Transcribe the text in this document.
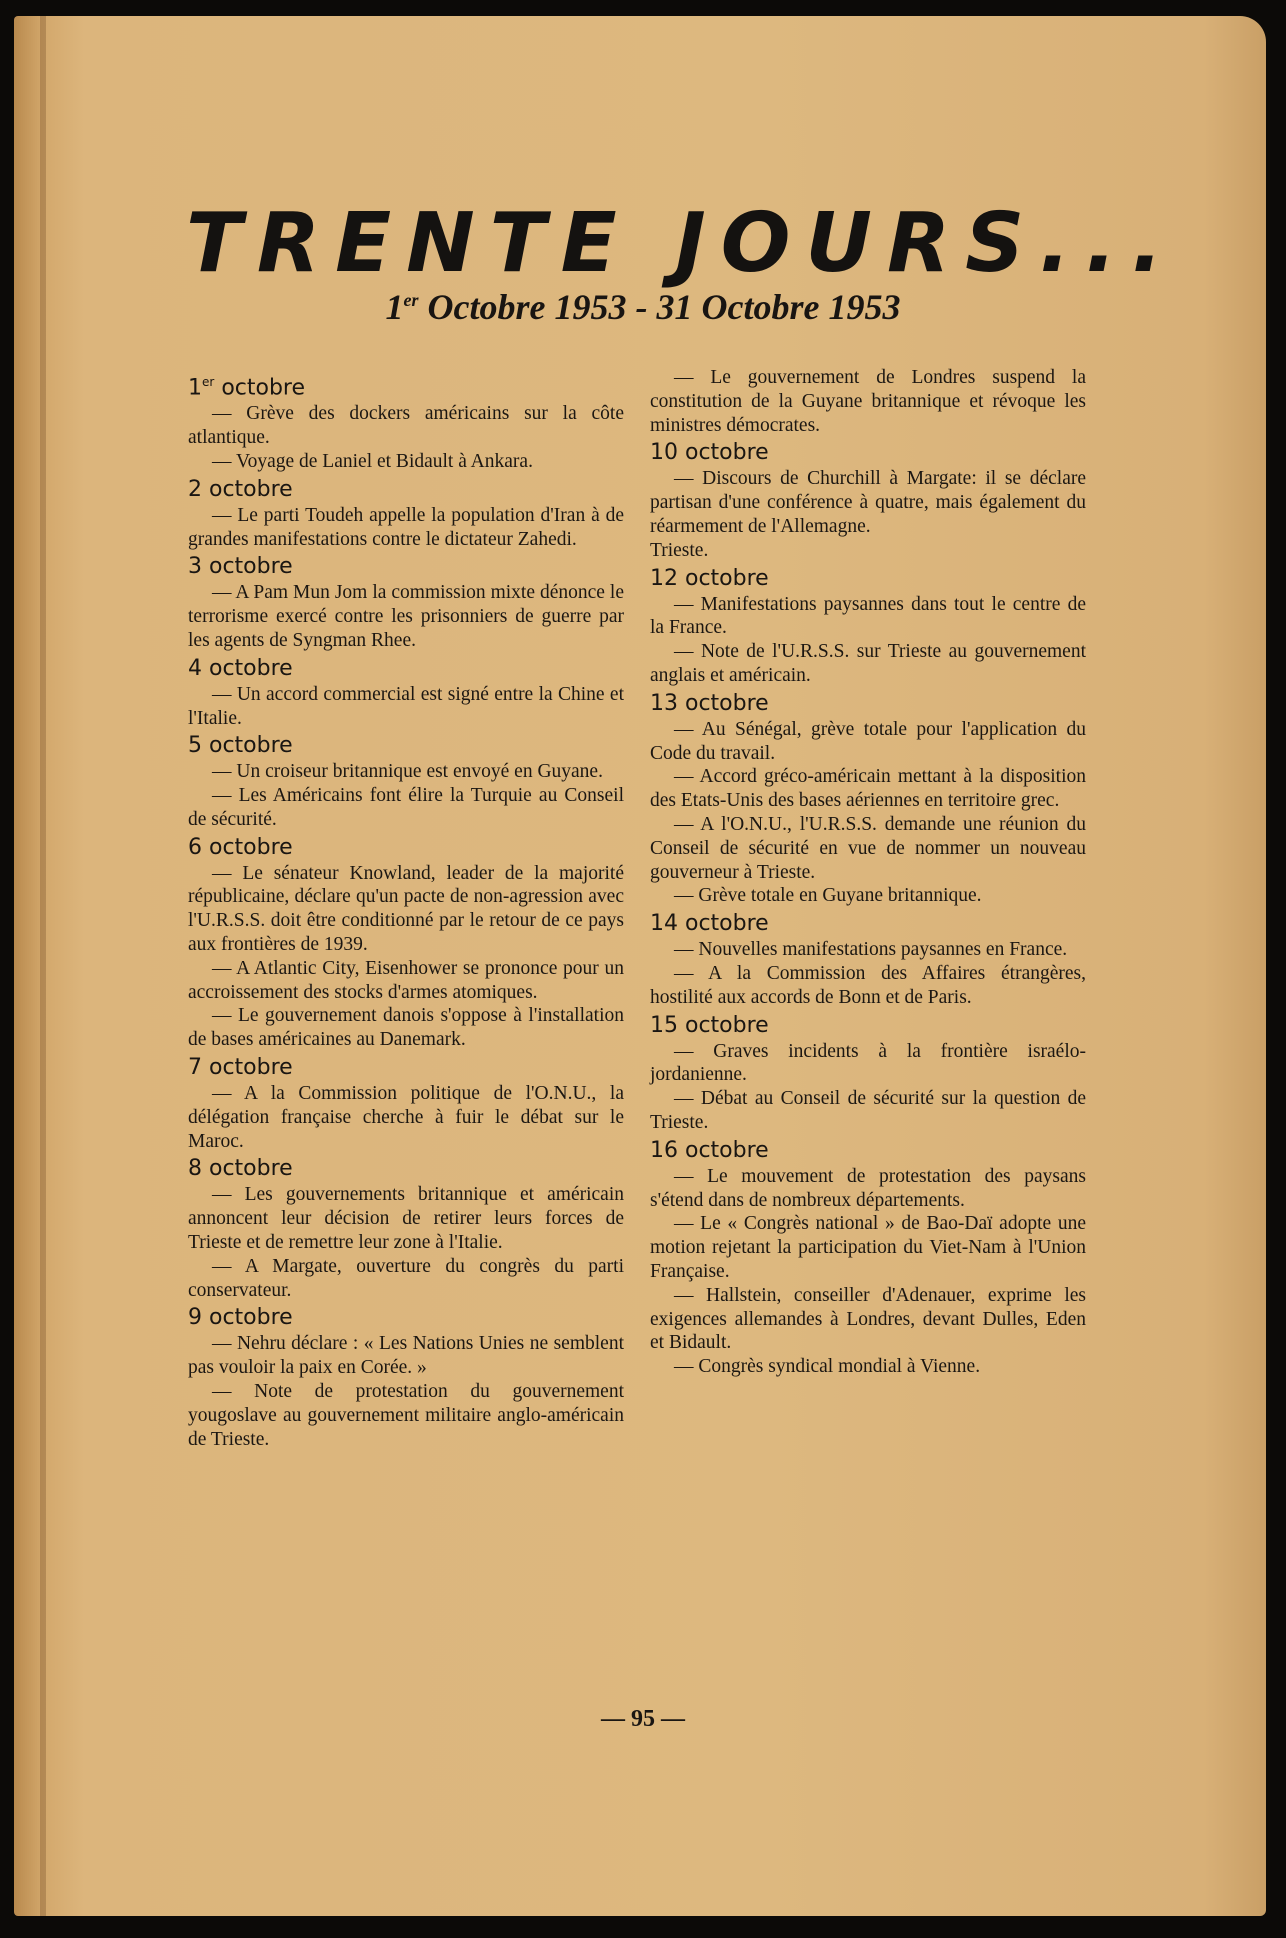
TRENTE JOURS...
1er Octobre 1953 - 31 Octobre 1953
1er octobre

— Grève des dockers américains sur la côte atlantique.

— Voyage de Laniel et Bidault à Ankara.

2 octobre

— Le parti Toudeh appelle la population d'Iran à de grandes manifestations contre le dictateur Zahedi.

3 octobre

— A Pam Mun Jom la commission mixte dénonce le terrorisme exercé contre les prisonniers de guerre par les agents de Syngman Rhee.

4 octobre

— Un accord commercial est signé entre la Chine et l'Italie.

5 octobre

— Un croiseur britannique est envoyé en Guyane.

— Les Américains font élire la Turquie au Conseil de sécurité.

6 octobre

— Le sénateur Knowland, leader de la majorité républicaine, déclare qu'un pacte de non-agression avec l'U.R.S.S. doit être conditionné par le retour de ce pays aux frontières de 1939.

— A Atlantic City, Eisenhower se prononce pour un accroissement des stocks d'armes atomiques.

— Le gouvernement danois s'oppose à l'installation de bases américaines au Danemark.

7 octobre

— A la Commission politique de l'O.N.U., la délégation française cherche à fuir le débat sur le Maroc.

8 octobre

— Les gouvernements britannique et américain annoncent leur décision de retirer leurs forces de Trieste et de remettre leur zone à l'Italie.

— A Margate, ouverture du congrès du parti conservateur.

9 octobre

— Nehru déclare : « Les Nations Unies ne semblent pas vouloir la paix en Corée. »

— Note de protestation du gouvernement yougoslave au gouvernement militaire anglo-américain de Trieste.

— Le gouvernement de Londres suspend la constitution de la Guyane britannique et révoque les ministres démocrates.

10 octobre

— Discours de Churchill à Margate: il se déclare partisan d'une conférence à quatre, mais également du réarmement de l'Allemagne.

Trieste.

12 octobre

— Manifestations paysannes dans tout le centre de la France.

— Note de l'U.R.S.S. sur Trieste au gouvernement anglais et américain.

13 octobre

— Au Sénégal, grève totale pour l'application du Code du travail.

— Accord gréco-américain mettant à la disposition des Etats-Unis des bases aériennes en territoire grec.

— A l'O.N.U., l'U.R.S.S. demande une réunion du Conseil de sécurité en vue de nommer un nouveau gouverneur à Trieste.

— Grève totale en Guyane britannique.

14 octobre

— Nouvelles manifestations paysannes en France.

— A la Commission des Affaires étrangères, hostilité aux accords de Bonn et de Paris.

15 octobre

— Graves incidents à la frontière israélo-jordanienne.

— Débat au Conseil de sécurité sur la question de Trieste.

16 octobre

— Le mouvement de protestation des paysans s'étend dans de nombreux départements.

— Le « Congrès national » de Bao-Daï adopte une motion rejetant la participation du Viet-Nam à l'Union Française.

— Hallstein, conseiller d'Adenauer, exprime les exigences allemandes à Londres, devant Dulles, Eden et Bidault.

— Congrès syndical mondial à Vienne.

— 95 —
